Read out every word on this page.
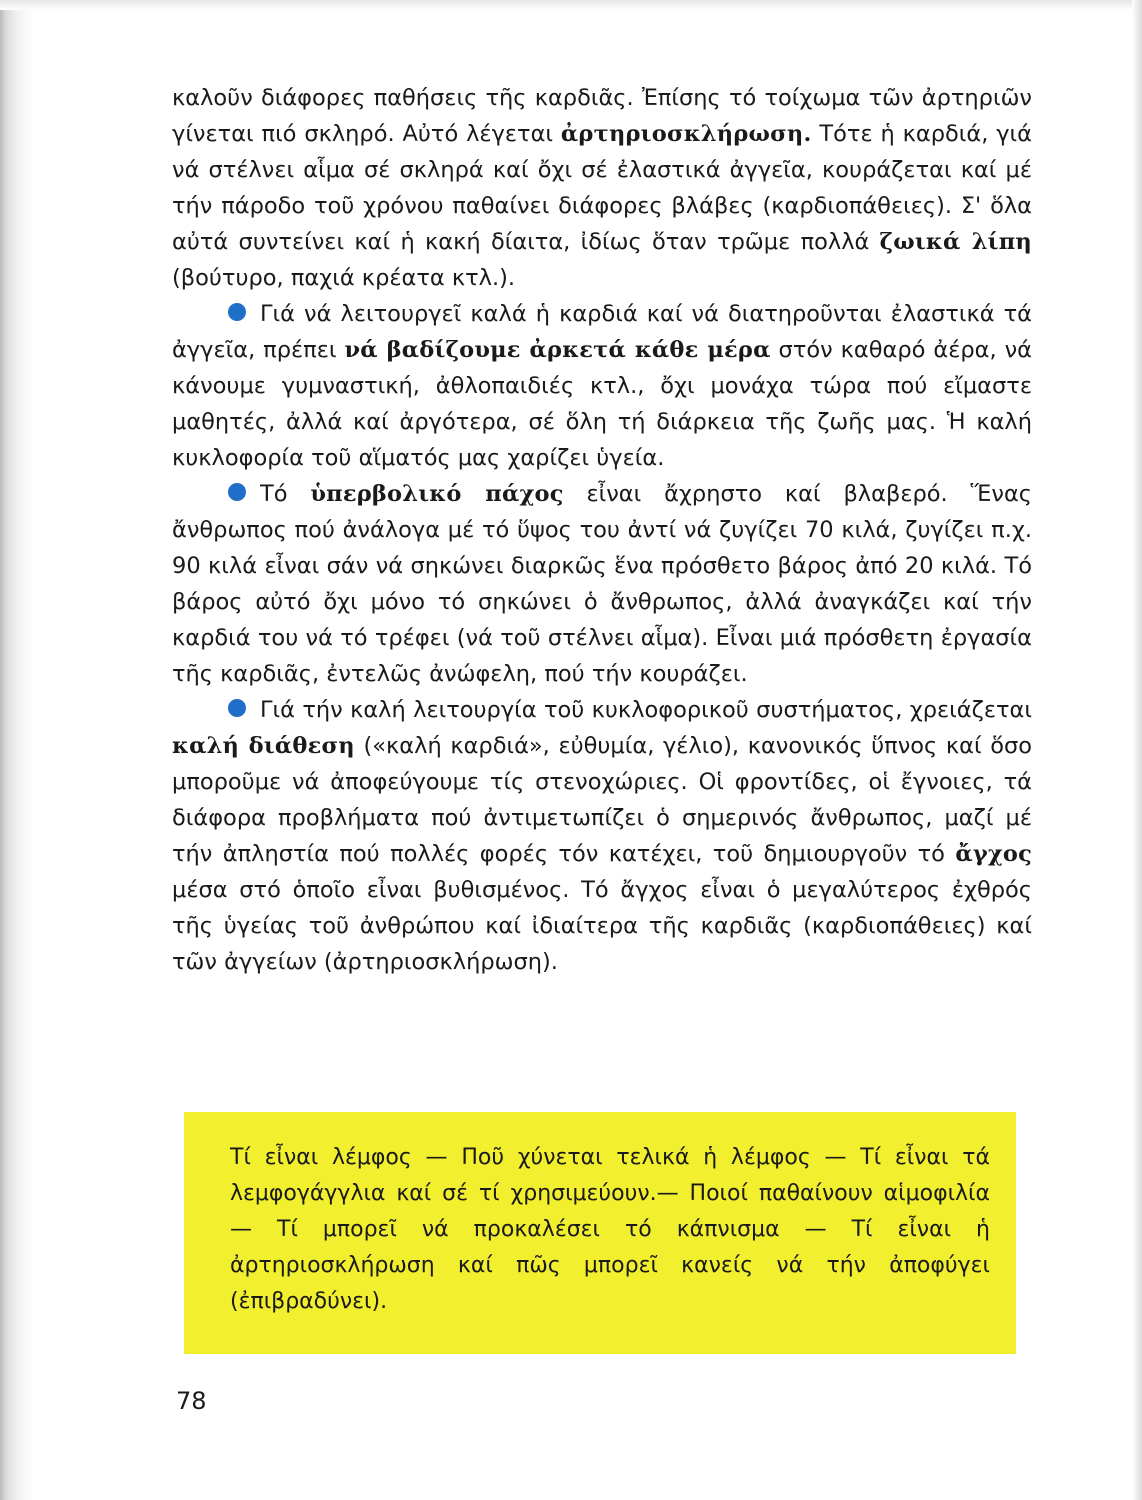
καλοῦν διάφορες παθήσεις τῆς καρδιᾶς. Ἐπίσης τό τοίχωμα τῶν ἀρτηριῶν γίνεται πιό σκληρό. Αὐτό λέγεται ἀρτηριοσκλήρωση. Τότε ἡ καρδιά, γιά νά στέλνει αἷμα σέ σκληρά καί ὄχι σέ ἐλαστικά ἀγγεῖα, κουράζεται καί μέ τήν πάροδο τοῦ χρόνου παθαίνει διάφορες βλάβες (καρδιοπάθειες). Σ' ὅλα αὐτά συντείνει καί ἡ κακή δίαιτα, ἰδίως ὅταν τρῶμε πολλά ζωικά λίπη (βούτυρο, παχιά κρέατα κτλ.).

Γιά νά λειτουργεῖ καλά ἡ καρδιά καί νά διατηροῦνται ἐλαστικά τά ἀγγεῖα, πρέπει νά βαδίζουμε ἀρκετά κάθε μέρα στόν καθαρό ἀέρα, νά κάνουμε γυμναστική, ἀθλοπαιδιές κτλ., ὄχι μονάχα τώρα πού εἴμαστε μαθητές, ἀλλά καί ἀργότερα, σέ ὅλη τή διάρκεια τῆς ζωῆς μας. Ἡ καλή κυκλοφορία τοῦ αἵματός μας χαρίζει ὑγεία.

Τό ὑπερβολικό πάχος εἶναι ἄχρηστο καί βλαβερό. Ἕνας ἄνθρωπος πού ἀνάλογα μέ τό ὕψος του ἀντί νά ζυγίζει 70 κιλά, ζυγίζει π.χ. 90 κιλά εἶναι σάν νά σηκώνει διαρκῶς ἕνα πρόσθετο βάρος ἀπό 20 κιλά. Τό βάρος αὐτό ὄχι μόνο τό σηκώνει ὁ ἄνθρωπος, ἀλλά ἀναγκάζει καί τήν καρδιά του νά τό τρέφει (νά τοῦ στέλνει αἷμα). Εἶναι μιά πρόσθετη ἐργασία τῆς καρδιᾶς, ἐντελῶς ἀνώφελη, πού τήν κουράζει.

Γιά τήν καλή λειτουργία τοῦ κυκλοφορικοῦ συστήματος, χρειάζεται καλή διάθεση («καλή καρδιά», εὐθυμία, γέλιο), κανονικός ὕπνος καί ὅσο μποροῦμε νά ἀποφεύγουμε τίς στενοχώριες. Οἱ φροντίδες, οἱ ἔγνοιες, τά διάφορα προβλήματα πού ἀντιμετωπίζει ὁ σημερινός ἄνθρωπος, μαζί μέ τήν ἀπληστία πού πολλές φορές τόν κατέχει, τοῦ δημιουργοῦν τό ἄγχος μέσα στό ὁποῖο εἶναι βυθισμένος. Τό ἄγχος εἶναι ὁ μεγαλύτερος ἐχθρός τῆς ὑγείας τοῦ ἀνθρώπου καί ἰδιαίτερα τῆς καρδιᾶς (καρδιοπάθειες) καί τῶν ἀγγείων (ἀρτηριοσκλήρωση).

Τί εἶναι λέμφος — Ποῦ χύνεται τελικά ἡ λέμφος — Τί εἶναι τά λεμφογάγγλια καί σέ τί χρησιμεύουν.— Ποιοί παθαίνουν αἱμοφιλία — Τί μπορεῖ νά προκαλέσει τό κάπνισμα — Τί εἶναι ἡ ἀρτηριοσκλήρωση καί πῶς μπορεῖ κανείς νά τήν ἀποφύγει (ἐπιβραδύνει).

78
